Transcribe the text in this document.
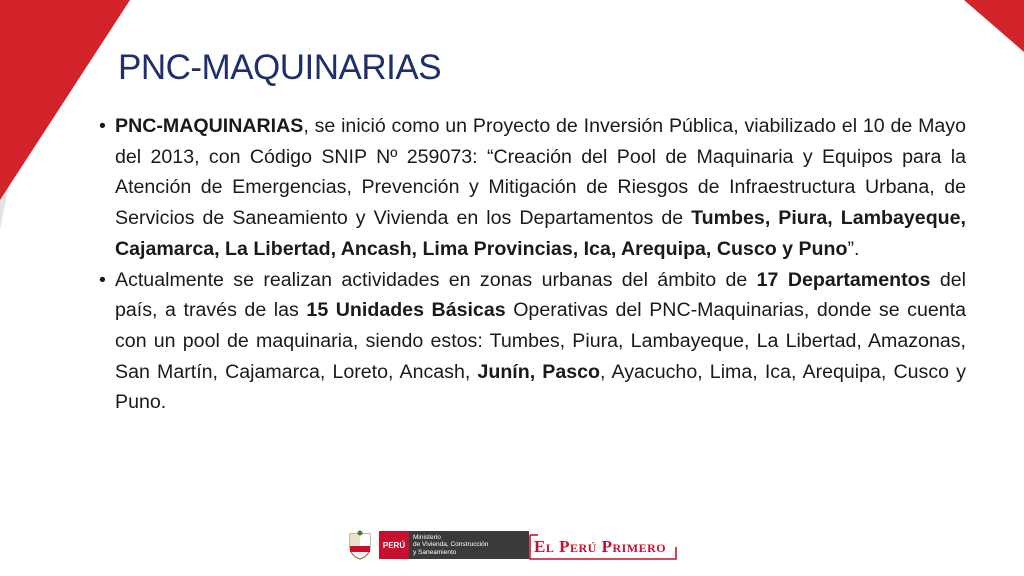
PNC-MAQUINARIAS

• PNC-MAQUINARIAS, se inició como un Proyecto de Inversión Pública, viabilizado el 10 de Mayo del 2013, con Código SNIP Nº 259073: “Creación del Pool de Maquinaria y Equipos para la Atención de Emergencias, Prevención y Mitigación de Riesgos de Infraestructura Urbana, de Servicios de Saneamiento y Vivienda en los Departamentos de Tumbes, Piura, Lambayeque, Cajamarca, La Libertad, Ancash, Lima Provincias, Ica, Arequipa, Cusco y Puno”.

• Actualmente se realizan actividades en zonas urbanas del ámbito de 17 Departamentos del país, a través de las 15 Unidades Básicas Operativas del PNC-Maquinarias, donde se cuenta con un pool de maquinaria, siendo estos: Tumbes, Piura, Lambayeque, La Libertad, Amazonas, San Martín, Cajamarca, Loreto, Ancash, Junín, Pasco, Ayacucho, Lima, Ica, Arequipa, Cusco y Puno.

PERÚ
Ministerio
de Vivienda, Construcción
y Saneamiento	El Perú Primero
